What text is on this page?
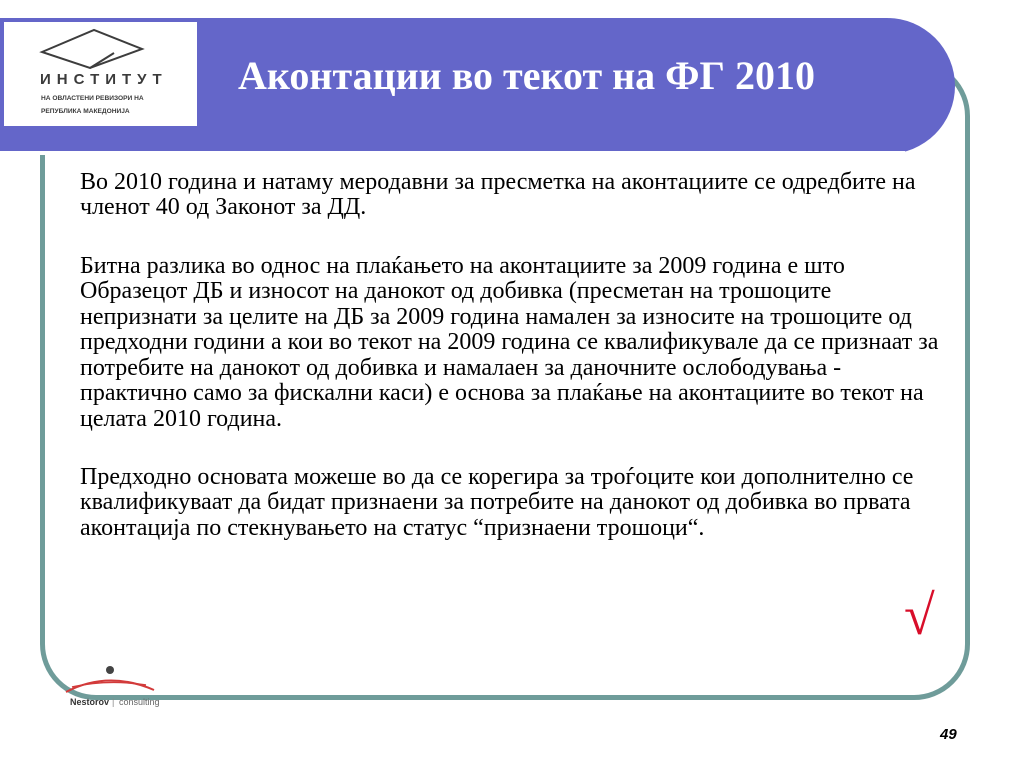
ИНСТИТУТ
НА ОВЛАСТЕНИ РЕВИЗОРИ НА
РЕПУБЛИКА МАКЕДОНИЈА
Аконтации во текот на ФГ 2010

Во 2010 година и натаму меродавни за пресметка на аконтациите се одредбите на членот 40 од Законот за ДД.

Битна разлика во однос на плаќањето на аконтациите за 2009 година е што Образецот ДБ и износот на данокот од добивка (пресметан на трошоците непризнати за целите на ДБ за 2009 година намален за износите на трошоците од предходни години а кои во текот на 2009 година се квалификувале да се признаат за потребите на данокот од добивка и намалаен за даночните ослободувања - практично само за фискални каси) е основа за плаќање на аконтациите во текот на целата 2010 година.

Предходно основата можеше во да се корегира за троѓоците кои дополнително се квалификуваат да бидат признаени за потребите на данокот од добивка во првата аконтација по стекнувањето на статус “признаени трошоци“.

√
Nestorov | consulting
49
